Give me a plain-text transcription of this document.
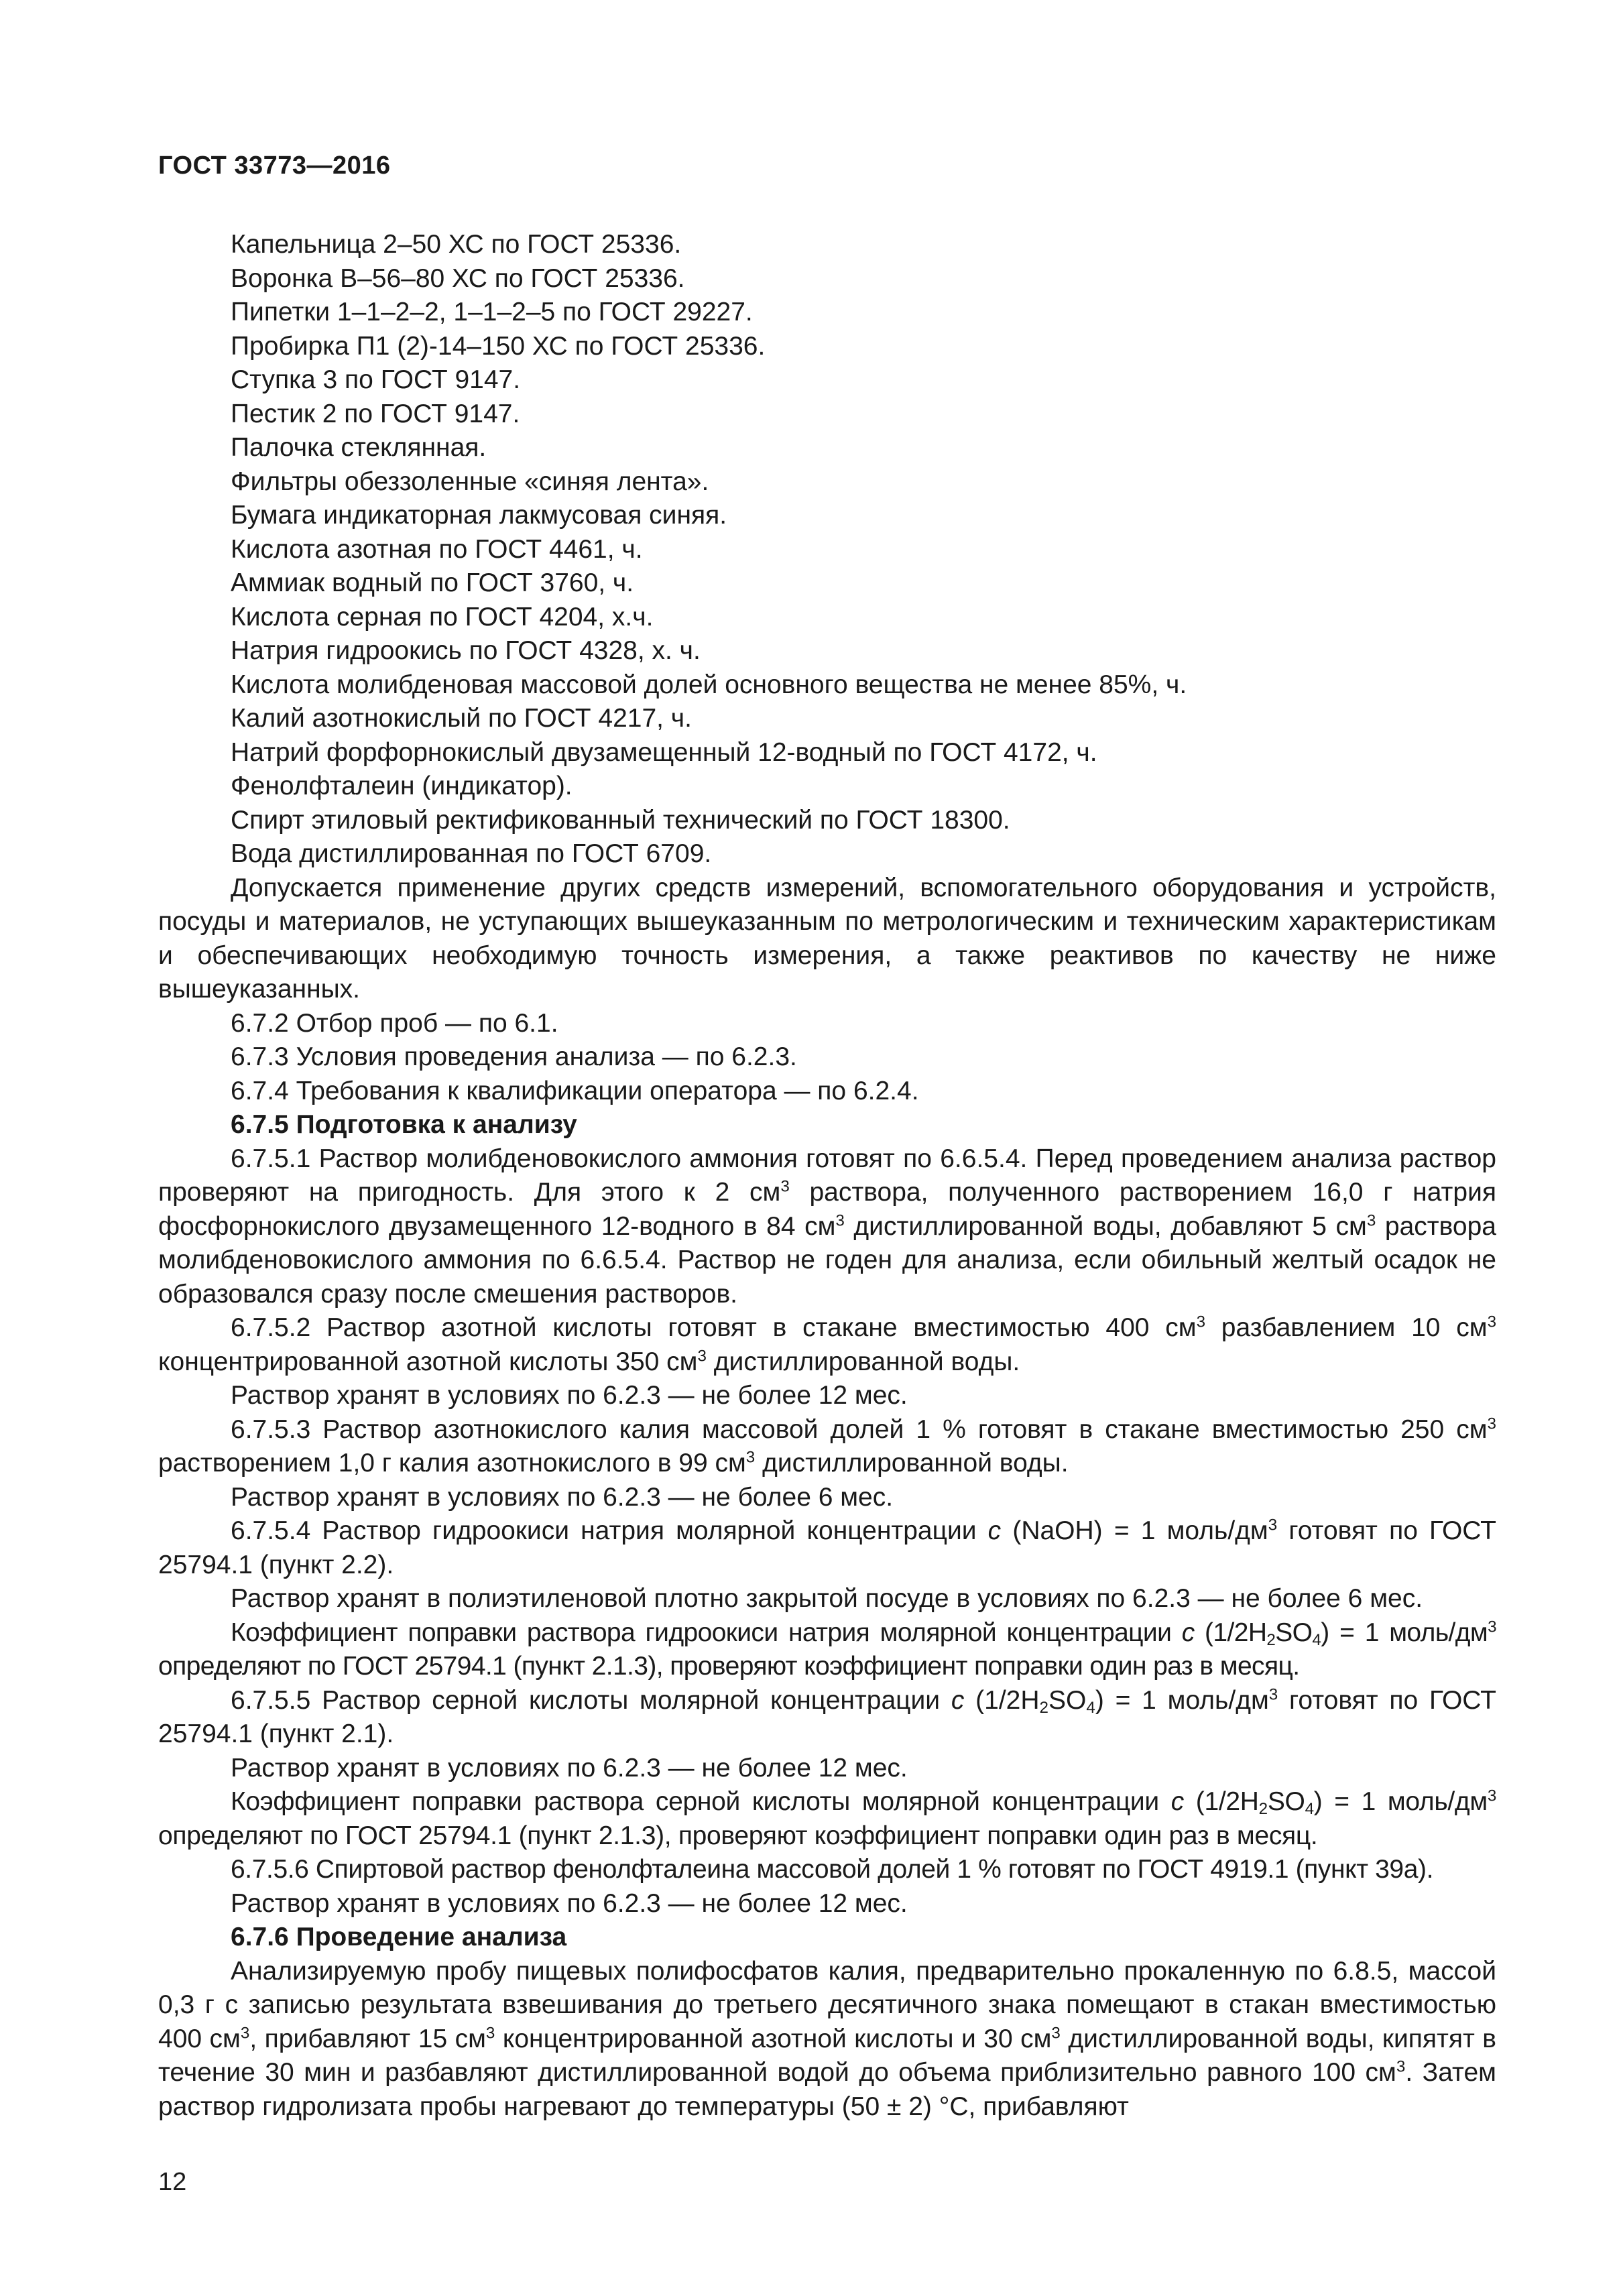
ГОСТ 33773—2016
Капельница 2–50 ХС по ГОСТ 25336.
Воронка В–56–80 ХС по ГОСТ 25336.
Пипетки 1–1–2–2, 1–1–2–5 по ГОСТ 29227.
Пробирка П1 (2)-14–150 ХС по ГОСТ 25336.
Ступка 3 по ГОСТ 9147.
Пестик 2 по ГОСТ 9147.
Палочка стеклянная.
Фильтры обеззоленные «синяя лента».
Бумага индикаторная лакмусовая синяя.
Кислота азотная по ГОСТ 4461, ч.
Аммиак водный по ГОСТ 3760, ч.
Кислота серная по ГОСТ 4204, х.ч.
Натрия гидроокись по ГОСТ 4328, х. ч.
Кислота молибденовая массовой долей основного вещества не менее 85%, ч.
Калий азотнокислый по ГОСТ 4217, ч.
Натрий форфорнокислый двузамещенный 12-водный по ГОСТ 4172, ч.
Фенолфталеин (индикатор).
Спирт этиловый ректификованный технический по ГОСТ 18300.
Вода дистиллированная по ГОСТ 6709.
Допускается применение других средств измерений, вспомогательного оборудования и устройств, посуды и материалов, не уступающих вышеуказанным по метрологическим и техническим характеристикам и обеспечивающих необходимую точность измерения, а также реактивов по качеству не ниже вышеуказанных.
6.7.2 Отбор проб — по 6.1.
6.7.3 Условия проведения анализа — по 6.2.3.
6.7.4 Требования к квалификации оператора — по 6.2.4.
6.7.5 Подготовка к анализу
6.7.5.1 Раствор молибденовокислого аммония готовят по 6.6.5.4. Перед проведением анализа раствор проверяют на пригодность. Для этого к 2 $см^3$ раствора, полученного растворением 16,0 г натрия фосфорнокислого двузамещенного 12-водного в 84 $см^3$ дистиллированной воды, добавляют 5 $см^3$ раствора молибденовокислого аммония по 6.6.5.4. Раствор не годен для анализа, если обильный желтый осадок не образовался сразу после смешения растворов.
6.7.5.2 Раствор азотной кислоты готовят в стакане вместимостью 400 $см^3$ разбавлением 10 $см^3$ концентрированной азотной кислоты 350 $см^3$ дистиллированной воды.
Раствор хранят в условиях по 6.2.3 — не более 12 мес.
6.7.5.3 Раствор азотнокислого калия массовой долей 1 % готовят в стакане вместимостью 250 $см^3$ растворением 1,0 г калия азотнокислого в 99 $см^3$ дистиллированной воды.
Раствор хранят в условиях по 6.2.3 — не более 6 мес.
6.7.5.4 Раствор гидроокиси натрия молярной концентрации c (NaOH) = 1 моль/$дм^3$ готовят по ГОСТ 25794.1 (пункт 2.2).
Раствор хранят в полиэтиленовой плотно закрытой посуде в условиях по 6.2.3 — не более 6 мес.
Коэффициент поправки раствора гидроокиси натрия молярной концентрации c $(1/2H_2SO_4) = 1$ моль/$дм^3$ определяют по ГОСТ 25794.1 (пункт 2.1.3), проверяют коэффициент поправки один раз в месяц.
6.7.5.5 Раствор серной кислоты молярной концентрации c $(1/2H_2SO_4) = 1$ моль/$дм^3$ готовят по ГОСТ 25794.1 (пункт 2.1).
Раствор хранят в условиях по 6.2.3 — не более 12 мес.
Коэффициент поправки раствора серной кислоты молярной концентрации c $(1/2H_2SO_4) = 1$ моль/$дм^3$ определяют по ГОСТ 25794.1 (пункт 2.1.3), проверяют коэффициент поправки один раз в месяц.
6.7.5.6 Спиртовой раствор фенолфталеина массовой долей 1 % готовят по ГОСТ 4919.1 (пункт 39а).
Раствор хранят в условиях по 6.2.3 — не более 12 мес.
6.7.6 Проведение анализа
Анализируемую пробу пищевых полифосфатов калия, предварительно прокаленную по 6.8.5, массой 0,3 г с записью результата взвешивания до третьего десятичного знака помещают в стакан вместимостью 400 $см^3$, прибавляют 15 $см^3$ концентрированной азотной кислоты и 30 $см^3$ дистиллированной воды, кипятят в течение 30 мин и разбавляют дистиллированной водой до объема приблизительно равного 100 $см^3$. Затем раствор гидролизата пробы нагревают до температуры (50 ± 2) °С, прибавляют
12
